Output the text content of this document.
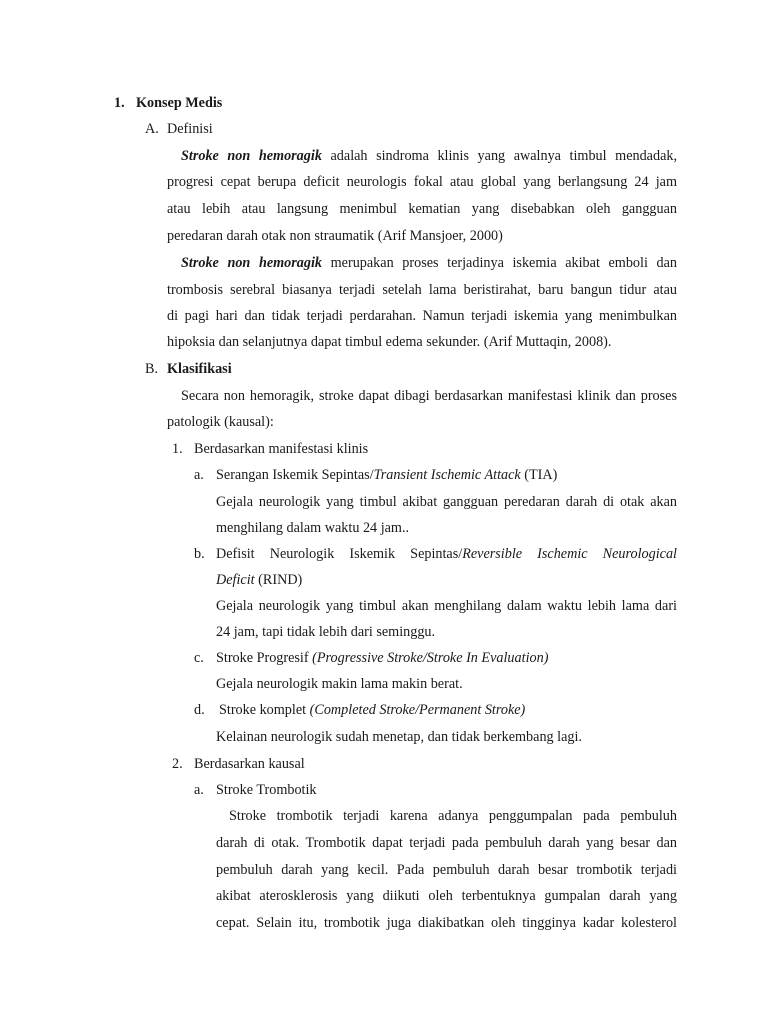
1. Konsep Medis
A. Definisi
Stroke non hemoragik adalah sindroma klinis yang awalnya timbul mendadak,
progresi cepat berupa deficit neurologis fokal atau global yang berlangsung 24 jam
atau lebih atau langsung menimbul kematian yang disebabkan oleh gangguan
peredaran darah otak non straumatik (Arif Mansjoer, 2000)
Stroke non hemoragik merupakan proses terjadinya iskemia akibat emboli dan
trombosis serebral biasanya terjadi setelah lama beristirahat, baru bangun tidur atau
di pagi hari dan tidak terjadi perdarahan. Namun terjadi iskemia yang menimbulkan
hipoksia dan selanjutnya dapat timbul edema sekunder. (Arif Muttaqin, 2008).
B. Klasifikasi
Secara non hemoragik, stroke dapat dibagi berdasarkan manifestasi klinik dan proses
patologik (kausal):
1. Berdasarkan manifestasi klinis
a. Serangan Iskemik Sepintas/Transient Ischemic Attack (TIA)
Gejala neurologik yang timbul akibat gangguan peredaran darah di otak akan
menghilang dalam waktu 24 jam..
b. Defisit Neurologik Iskemik Sepintas/Reversible Ischemic Neurological
Deficit (RIND)
Gejala neurologik yang timbul akan menghilang dalam waktu lebih lama dari
24 jam, tapi tidak lebih dari seminggu.
c. Stroke Progresif (Progressive Stroke/Stroke In Evaluation)
Gejala neurologik makin lama makin berat.
d. Stroke komplet (Completed Stroke/Permanent Stroke)
Kelainan neurologik sudah menetap, dan tidak berkembang lagi.
2. Berdasarkan kausal
a. Stroke Trombotik
Stroke trombotik terjadi karena adanya penggumpalan pada pembuluh
darah di otak. Trombotik dapat terjadi pada pembuluh darah yang besar dan
pembuluh darah yang kecil. Pada pembuluh darah besar trombotik terjadi
akibat aterosklerosis yang diikuti oleh terbentuknya gumpalan darah yang
cepat. Selain itu, trombotik juga diakibatkan oleh tingginya kadar kolesterol
